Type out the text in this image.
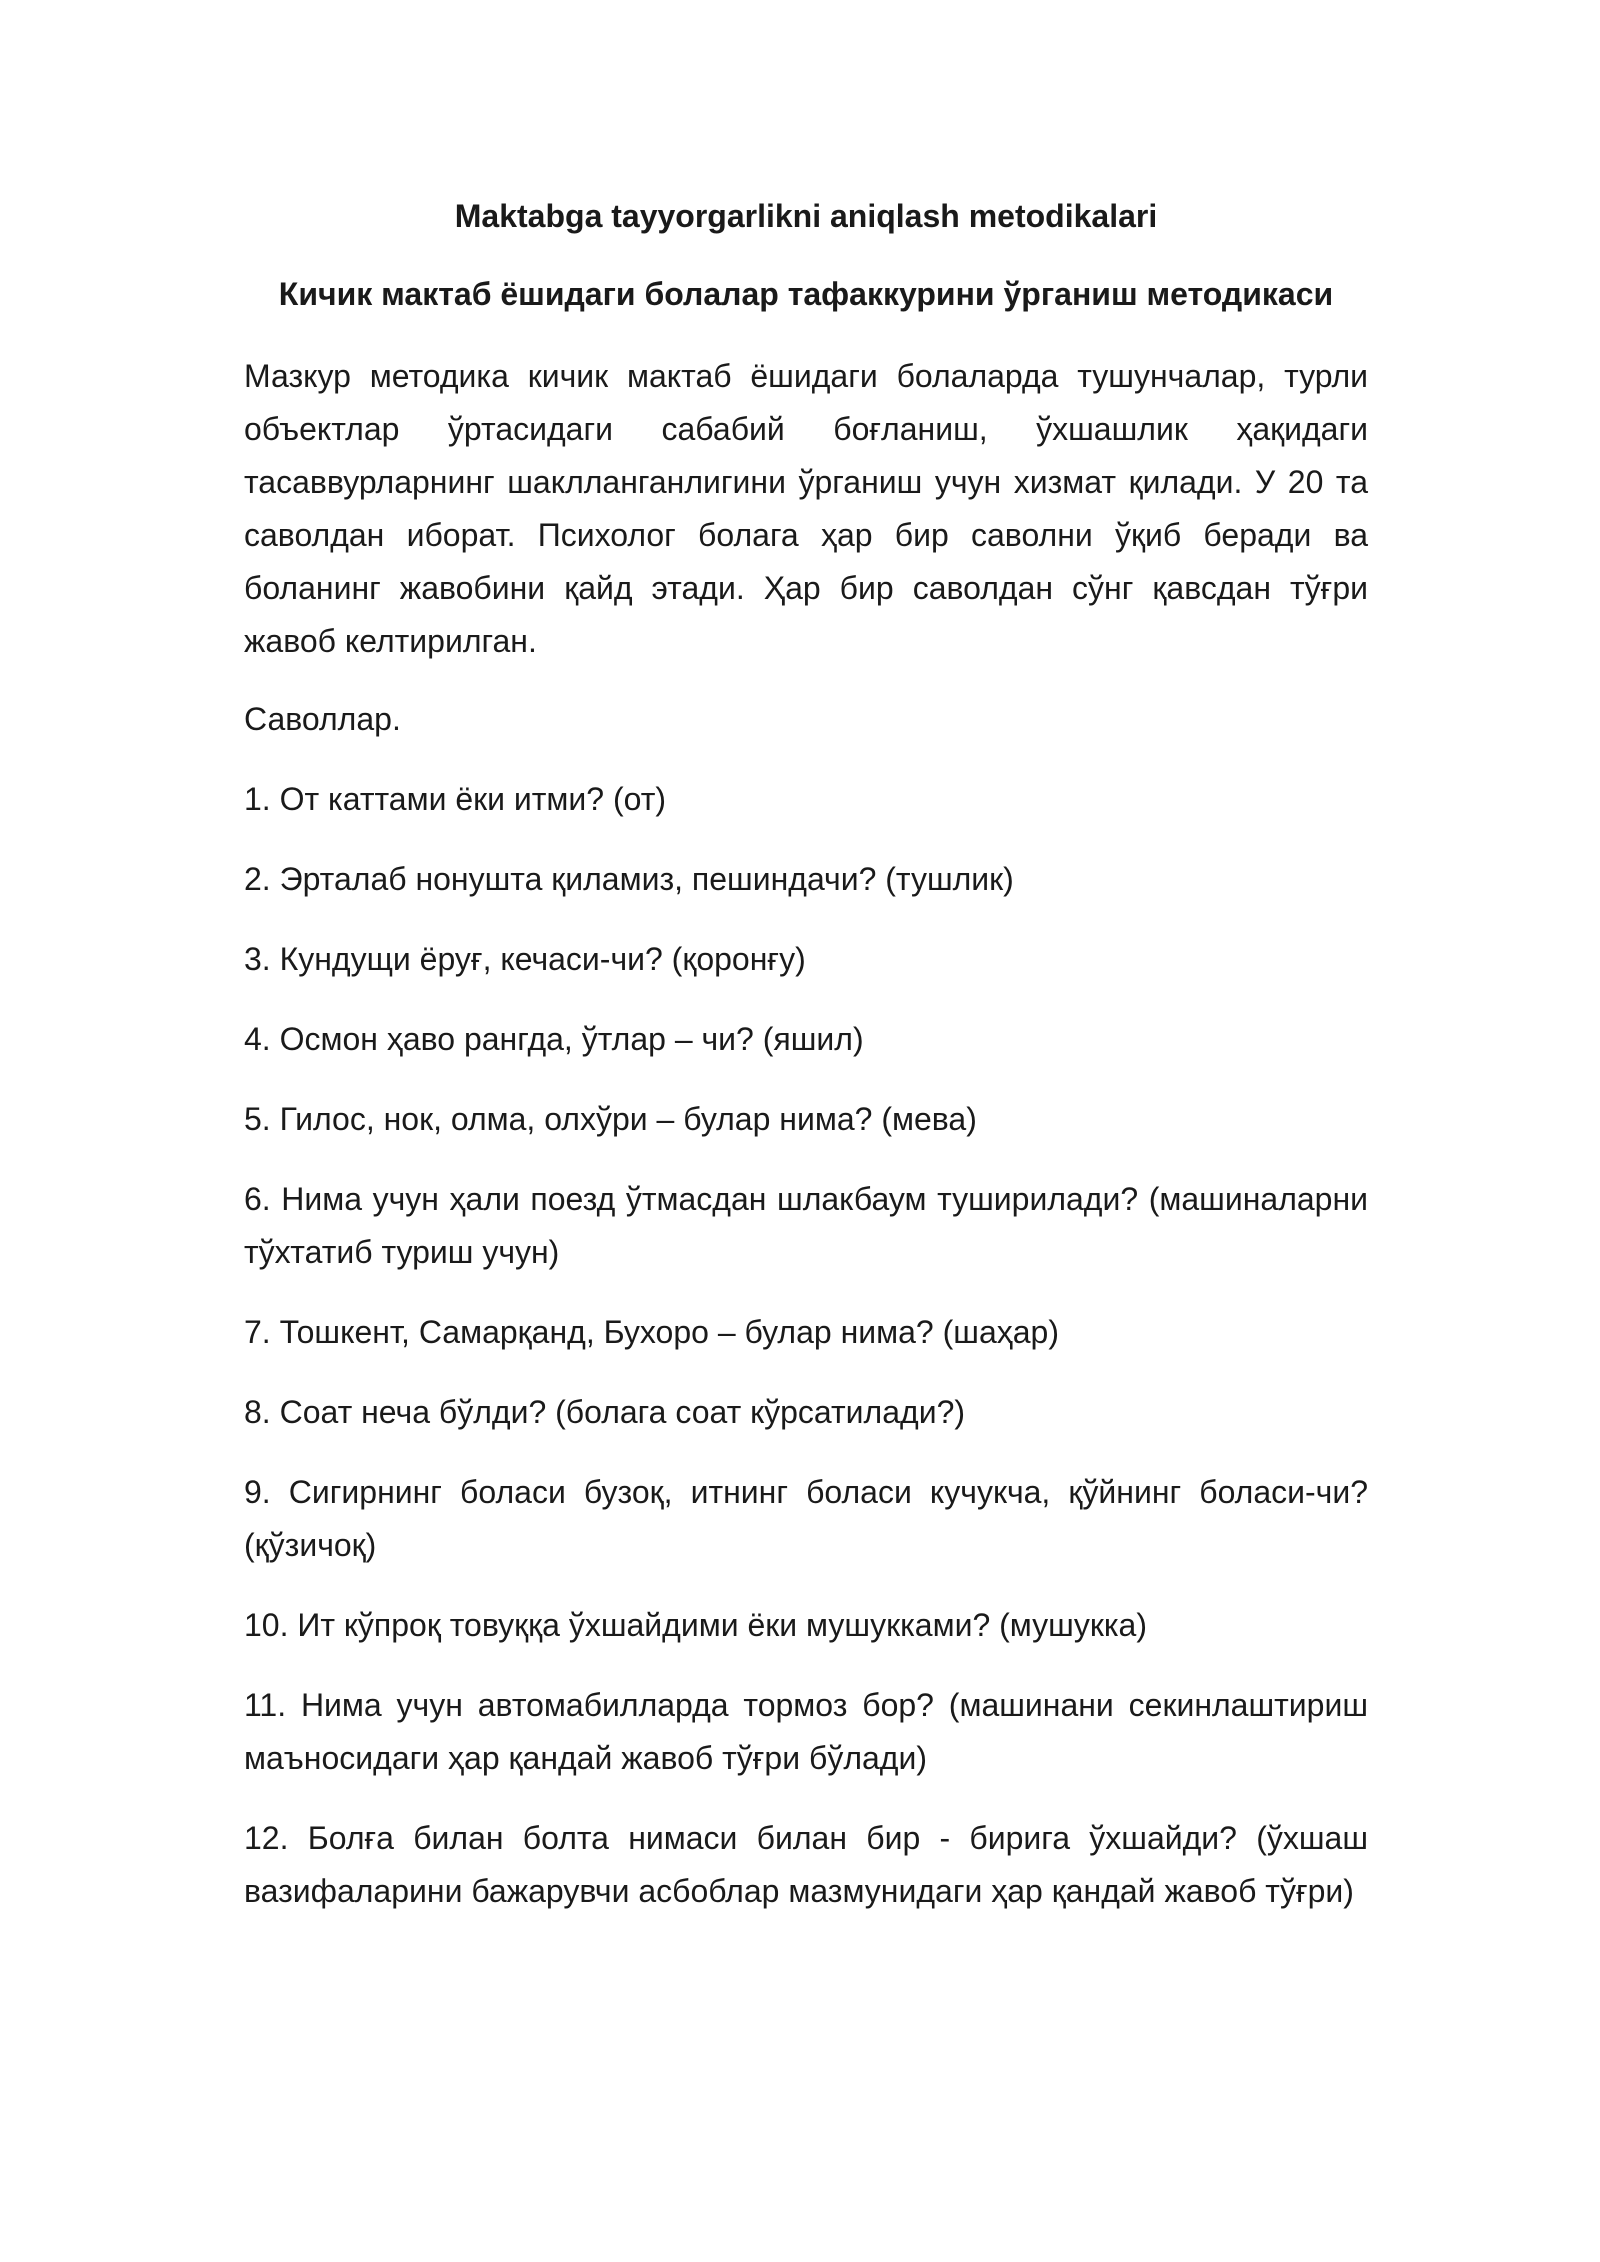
Maktabga tayyorgarlikni aniqlash metodikalari
Кичик мактаб ёшидаги болалар тафаккурини ўрганиш методикаси
Мазкур методика кичик мактаб ёшидаги болаларда тушунчалар, турли объектлар ўртасидаги сабабий боғланиш, ўхшашлик ҳақидаги тасаввурларнинг шаклланганлигини ўрганиш учун хизмат қилади. У 20 та саволдан иборат. Психолог болага ҳар бир саволни ўқиб беради ва боланинг жавобини қайд этади. Ҳар бир саволдан сўнг қавсдан тўғри жавоб келтирилган.
Саволлар.
1. От каттами ёки итми? (от)
2. Эрталаб нонушта қиламиз, пешиндачи? (тушлик)
3. Кундущи ёруғ, кечаси-чи? (қоронғу)
4. Осмон ҳаво рангда, ўтлар – чи? (яшил)
5. Гилос, нок, олма, олхўри – булар нима? (мева)
6. Нима учун ҳали поезд ўтмасдан шлакбаум туширилади? (машиналарни тўхтатиб туриш учун)
7. Тошкент, Самарқанд, Бухоро – булар нима? (шаҳар)
8. Соат неча бўлди? (болага соат кўрсатилади?)
9. Сигирнинг боласи бузоқ, итнинг боласи кучукча, қўйнинг боласи-чи? (қўзичоқ)
10. Ит кўпроқ товуққа ўхшайдими ёки мушукками? (мушукка)
11. Нима учун автомабилларда тормоз бор? (машинани секинлаштириш маъносидаги ҳар қандай жавоб тўғри бўлади)
12. Болға билан болта нимаси билан бир - бирига ўхшайди? (ўхшаш вазифаларини бажарувчи асбоблар мазмунидаги ҳар қандай жавоб тўғри)
